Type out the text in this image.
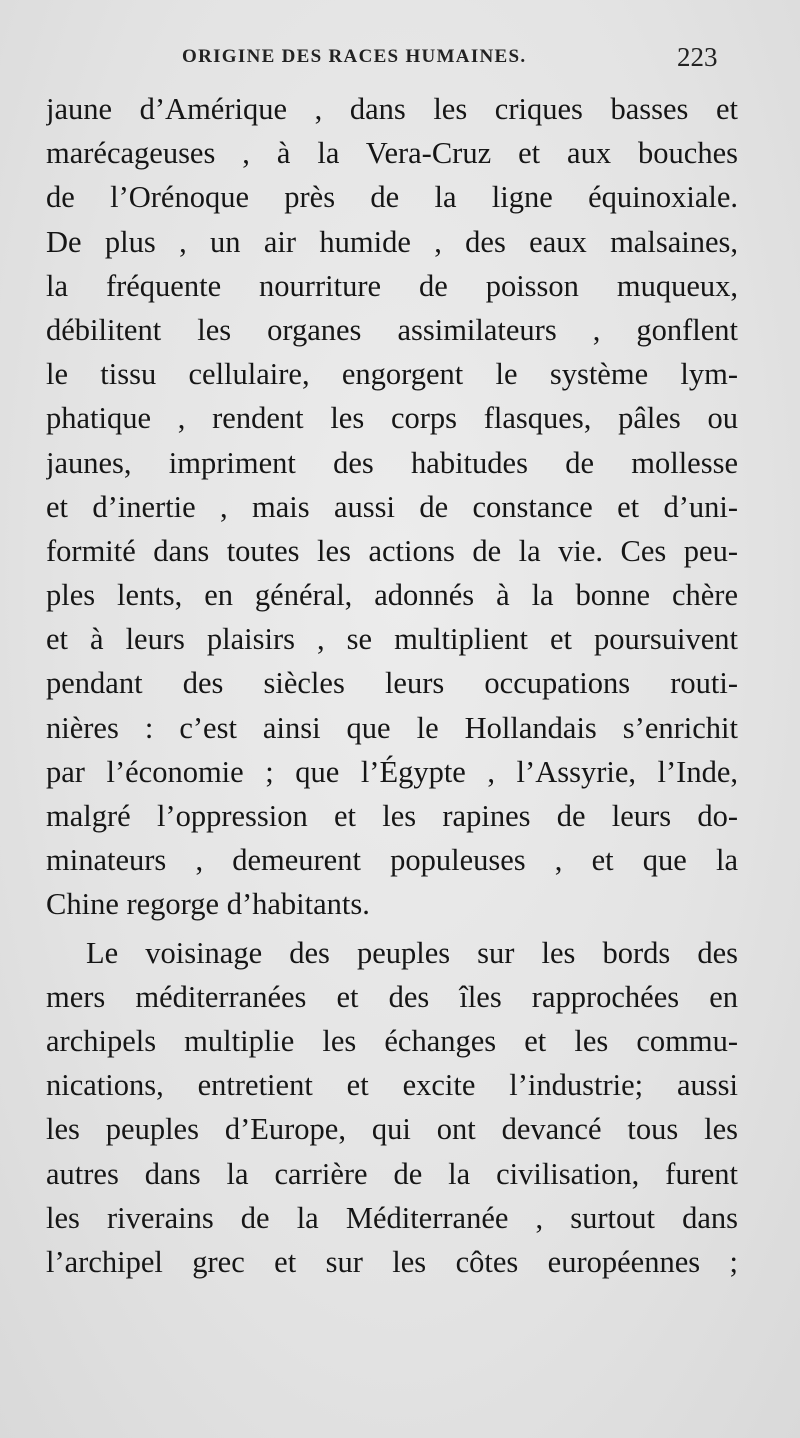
ORIGINE DES RACES HUMAINES.	223
jaune d’Amérique , dans les criques basses et
marécageuses , à la Vera-Cruz et aux bouches
de l’Orénoque près de la ligne équinoxiale.
De plus , un air humide , des eaux malsaines,
la fréquente nourriture de poisson muqueux,
débilitent les organes assimilateurs , gonflent
le tissu cellulaire, engorgent le système lym-
phatique , rendent les corps flasques, pâles ou
jaunes, impriment des habitudes de mollesse
et d’inertie , mais aussi de constance et d’uni-
formité dans toutes les actions de la vie. Ces peu-
ples lents, en général, adonnés à la bonne chère
et à leurs plaisirs , se multiplient et poursuivent
pendant des siècles leurs occupations routi-
nières : c’est ainsi que le Hollandais s’enrichit
par l’économie ; que l’Égypte , l’Assyrie, l’Inde,
malgré l’oppression et les rapines de leurs do-
minateurs , demeurent populeuses , et que la
Chine regorge d’habitants.
Le voisinage des peuples sur les bords des
mers méditerranées et des îles rapprochées en
archipels multiplie les échanges et les commu-
nications, entretient et excite l’industrie; aussi
les peuples d’Europe, qui ont devancé tous les
autres dans la carrière de la civilisation, furent
les riverains de la Méditerranée , surtout dans
l’archipel grec et sur les côtes européennes ;
